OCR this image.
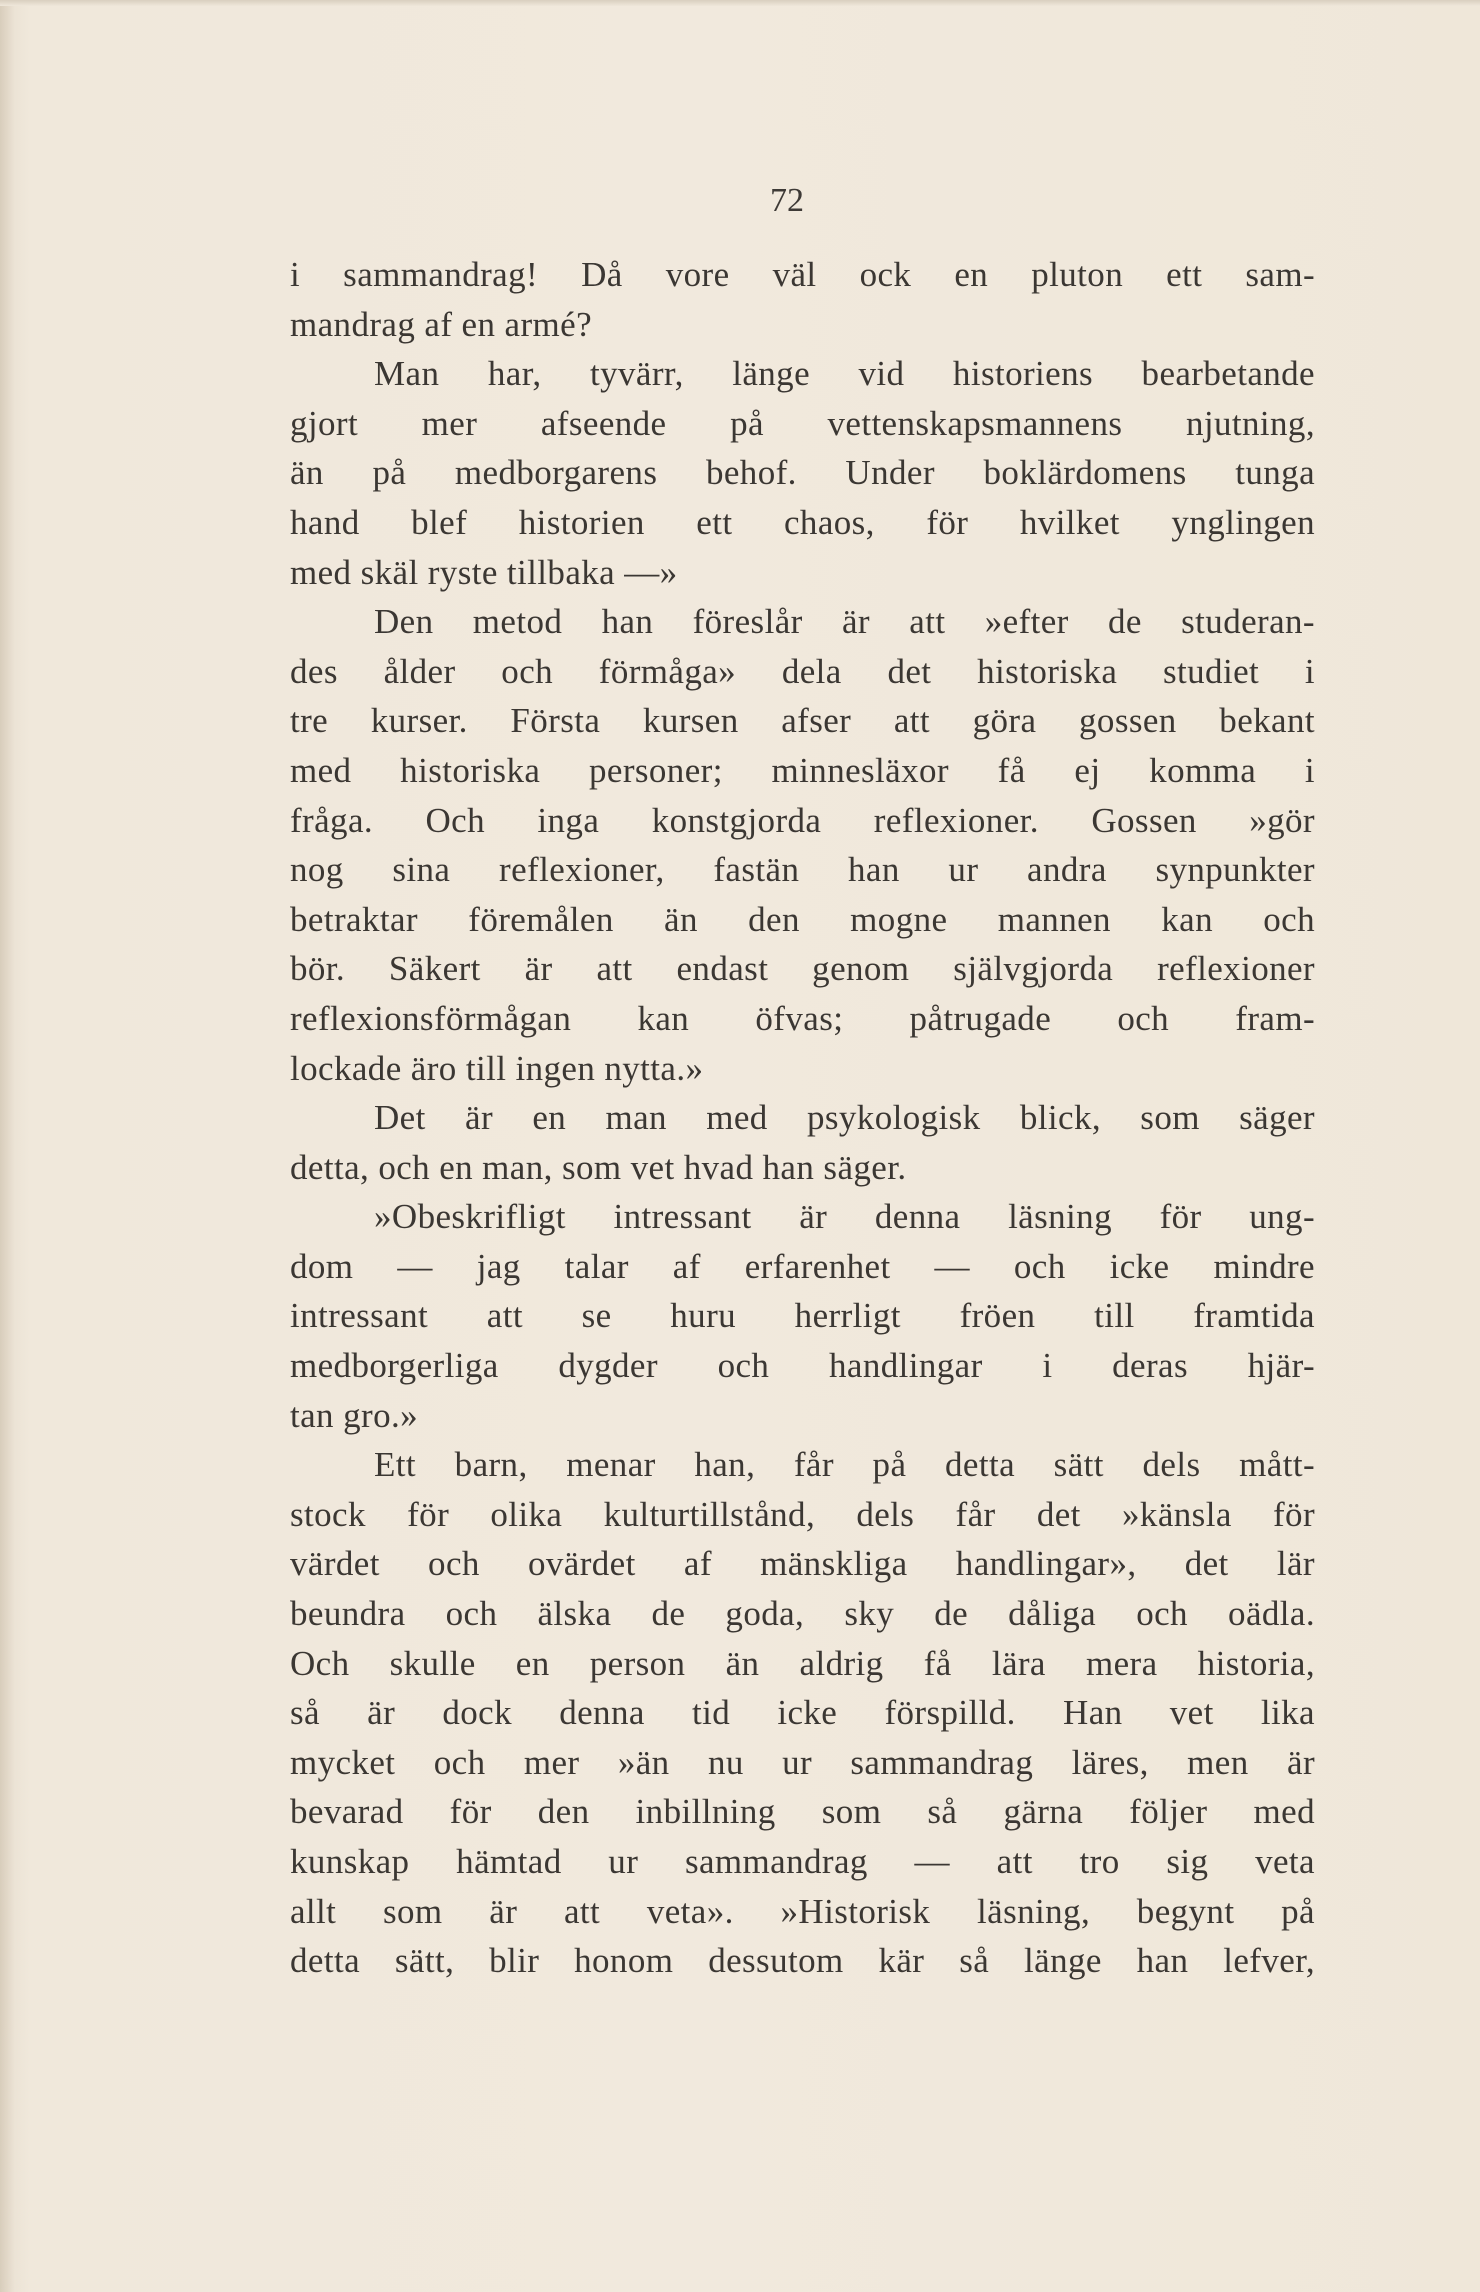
72
i sammandrag! Då vore väl ock en pluton ett sam-
mandrag af en armé?
Man har, tyvärr, länge vid historiens bearbetande
gjort mer afseende på vettenskapsmannens njutning,
än på medborgarens behof. Under boklärdomens tunga
hand blef historien ett chaos, för hvilket ynglingen
med skäl ryste tillbaka —»
Den metod han föreslår är att »efter de studeran-
des ålder och förmåga» dela det historiska studiet i
tre kurser. Första kursen afser att göra gossen bekant
med historiska personer; minnesläxor få ej komma i
fråga. Och inga konstgjorda reflexioner. Gossen »gör
nog sina reflexioner, fastän han ur andra synpunkter
betraktar föremålen än den mogne mannen kan och
bör. Säkert är att endast genom självgjorda reflexioner
reflexionsförmågan kan öfvas; påtrugade och fram-
lockade äro till ingen nytta.»
Det är en man med psykologisk blick, som säger
detta, och en man, som vet hvad han säger.
»Obeskrifligt intressant är denna läsning för ung-
dom — jag talar af erfarenhet — och icke mindre
intressant att se huru herrligt fröen till framtida
medborgerliga dygder och handlingar i deras hjär-
tan gro.»
Ett barn, menar han, får på detta sätt dels mått-
stock för olika kulturtillstånd, dels får det »känsla för
värdet och ovärdet af mänskliga handlingar», det lär
beundra och älska de goda, sky de dåliga och oädla.
Och skulle en person än aldrig få lära mera historia,
så är dock denna tid icke förspilld. Han vet lika
mycket och mer »än nu ur sammandrag läres, men är
bevarad för den inbillning som så gärna följer med
kunskap hämtad ur sammandrag — att tro sig veta
allt som är att veta». »Historisk läsning, begynt på
detta sätt, blir honom dessutom kär så länge han lefver,
